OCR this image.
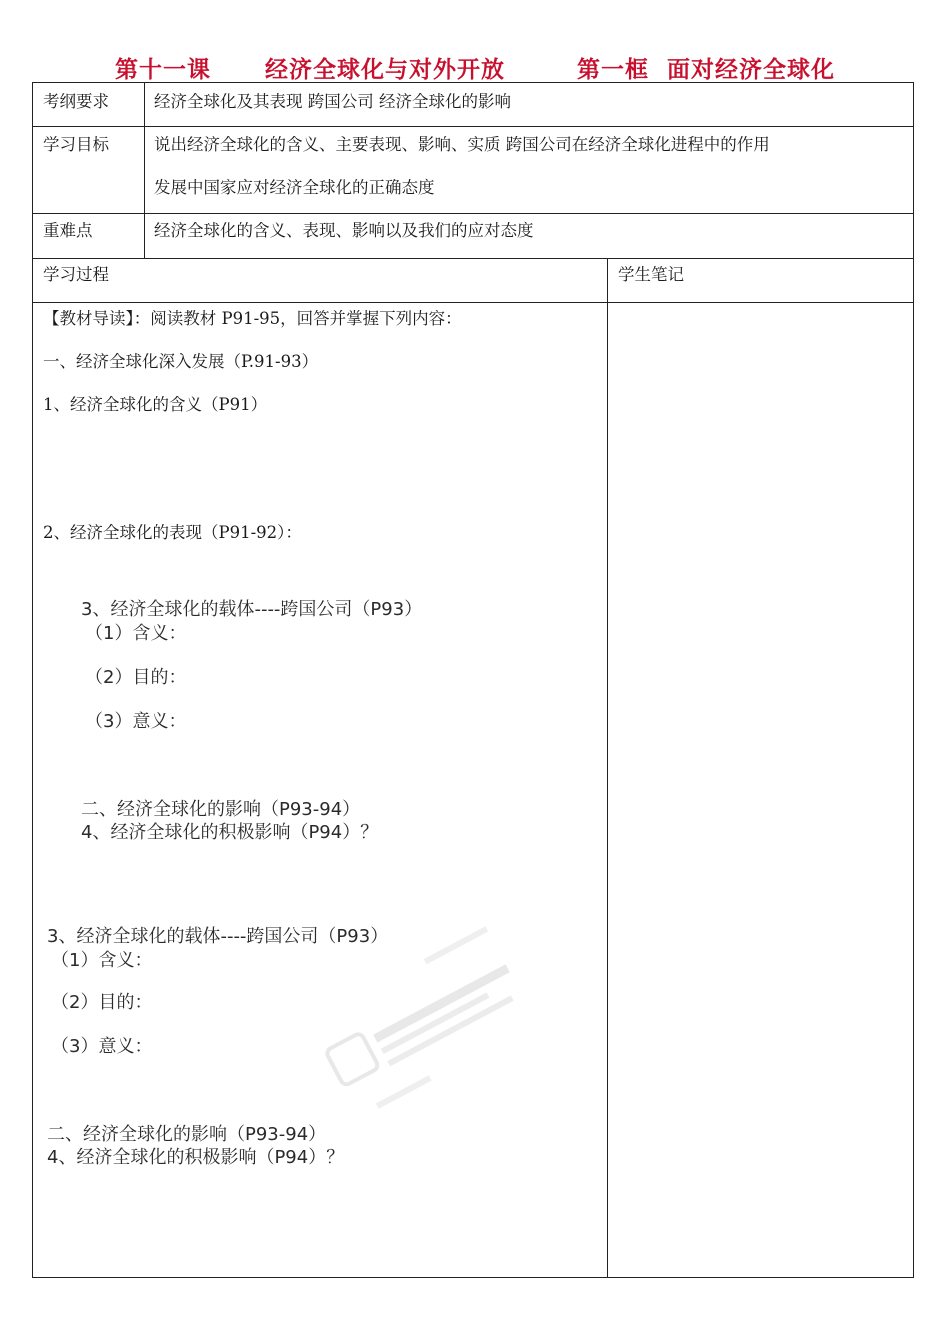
第十一课      经济全球化与对外开放        第一框  面对经济全球化
考纲要求	经济全球化及其表现 跨国公司 经济全球化的影响
学习目标	说出经济全球化的含义、主要表现、影响、实质 跨国公司在经济全球化进程中的作用
发展中国家应对经济全球化的正确态度
重难点	经济全球化的含义、表现、影响以及我们的应对态度
学习过程	学生笔记
【教材导读】：阅读教材 P91-95，回答并掌握下列内容：
一、经济全球化深入发展（P.91-93）
1、经济全球化的含义（P91）
2、经济全球化的表现（P91-92）：
3、经济全球化的载体----跨国公司（P93）
（1）含义：
（2）目的：
（3）意义：
二、经济全球化的影响（P93-94）
4、经济全球化的积极影响（P94）？
3、经济全球化的载体----跨国公司（P93）
（1）含义：
（2）目的：
（3）意义：
二、经济全球化的影响（P93-94）
4、经济全球化的积极影响（P94）？
